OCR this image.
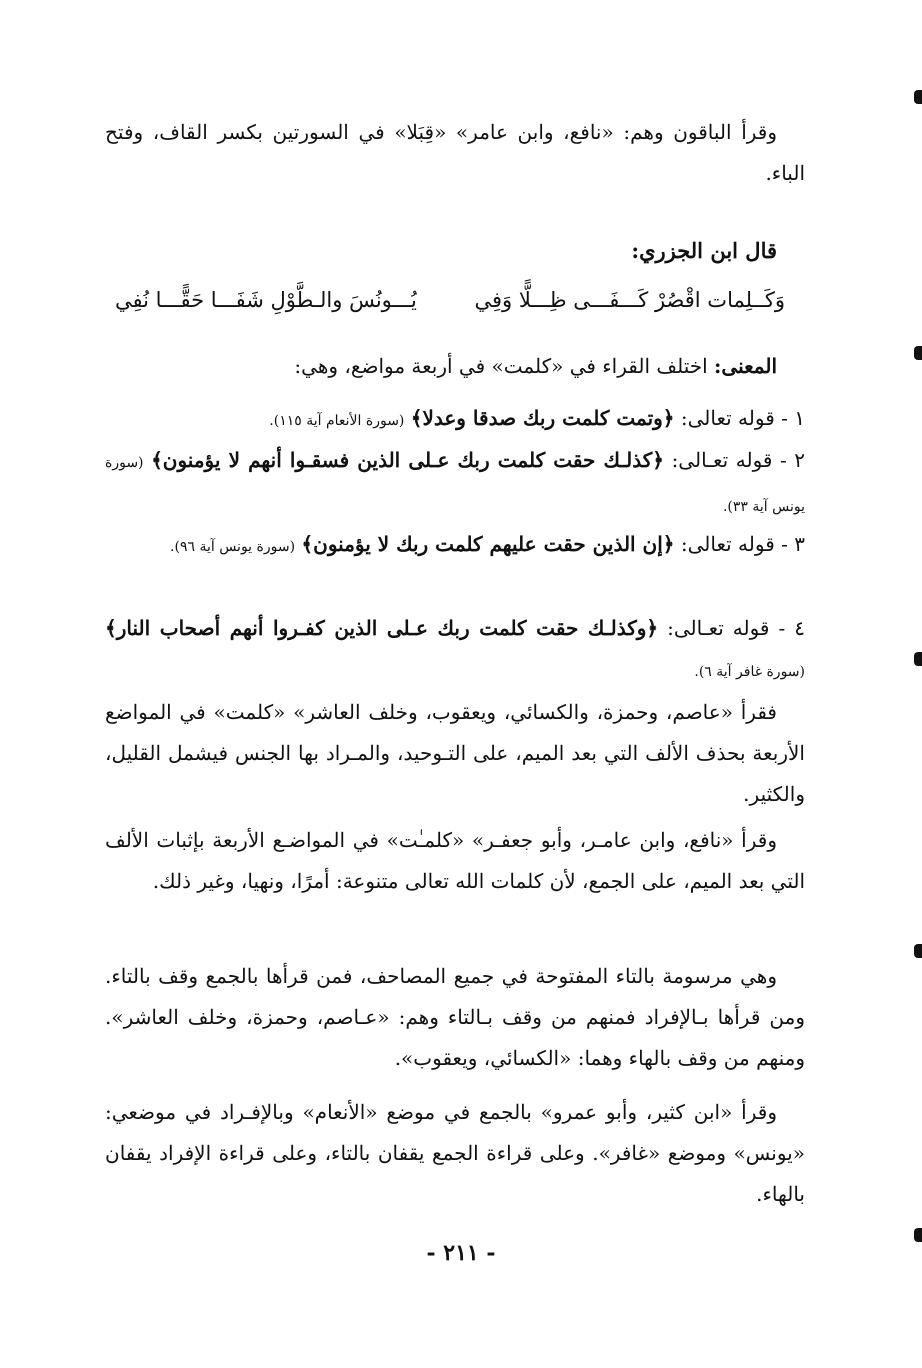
وقرأ الباقون وهم: «نافع، وابن عامر» «قِبَلا» في السورتين بكسر القاف، وفتح الباء.
قال ابن الجزري:
وَكَــلِمات اقْصُرْ كَـــفَـــى ظِـــلًّا وَفِي
يُـــونُسَ والـطَّوْلِ شَفَـــا حَقًّـــا نُفِي
المعنى: اختلف القراء في «كلمت» في أربعة مواضع، وهي:
١ - قوله تعالى: ﴿وتمت كلمت ربك صدقا وعدلا﴾ (سورة الأنعام آية ١١٥).
٢ - قوله تعـالى: ﴿كذلـك حقت كلمت ربك عـلى الذين فسقـوا أنهم لا يؤمنون﴾ (سورة يونس آية ٣٣).
٣ - قوله تعالى: ﴿إن الذين حقت عليهم كلمت ربك لا يؤمنون﴾ (سورة يونس آية ٩٦).
٤ - قوله تعـالى: ﴿وكذلـك حقت كلمت ربك عـلى الذين كفـروا أنهم أصحاب النار﴾ (سورة غافر آية ٦).
فقرأ «عاصم، وحمزة، والكسائي، ويعقوب، وخلف العاشر» «كلمت» في المواضع الأربعة بحذف الألف التي بعد الميم، على التـوحيد، والمـراد بها الجنس فيشمل القليل، والكثير.
وقرأ «نافع، وابن عامـر، وأبو جعفـر» «كلمـٰت» في المواضـع الأربعة بإثبات الألف التي بعد الميم، على الجمع، لأن كلمات الله تعالى متنوعة: أمرًا، ونهيا، وغير ذلك.
وهي مرسومة بالتاء المفتوحة في جميع المصاحف، فمن قرأها بالجمع وقف بالتاء. ومن قرأها بـالإفراد فمنهم من وقف بـالتاء وهم: «عـاصم، وحمزة، وخلف العاشر». ومنهم من وقف بالهاء وهما: «الكسائي، ويعقوب».
وقرأ «ابن كثير، وأبو عمرو» بالجمع في موضع «الأنعام» وبالإفـراد في موضعي: «يونس» وموضع «غافر». وعلى قراءة الجمع يقفان بالتاء، وعلى قراءة الإفراد يقفان بالهاء.
- ٢١١ -
